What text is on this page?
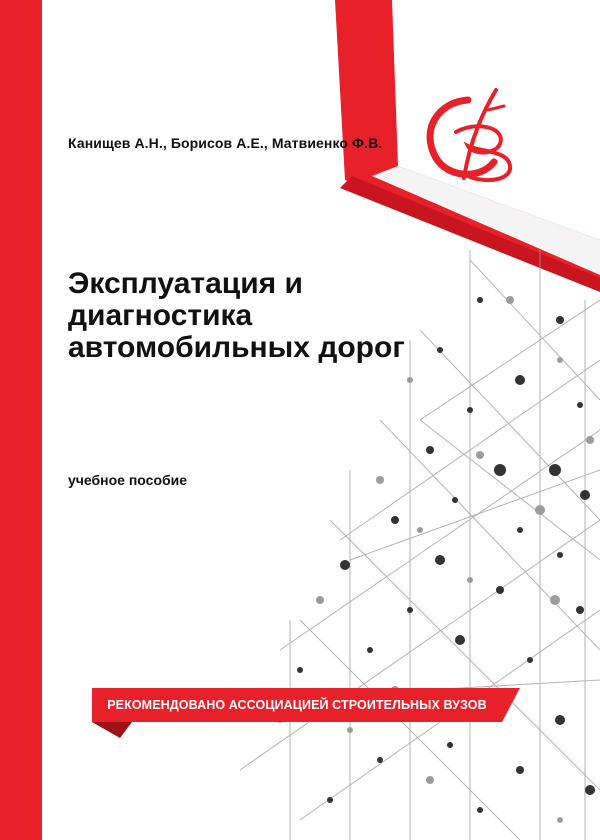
Канищев А.Н., Борисов А.Е., Матвиенко Ф.В.
Эксплуатация и
диагностика
автомобильных дорог
учебное пособие
РЕКОМЕНДОВАНО АССОЦИАЦИЕЙ СТРОИТЕЛЬНЫХ ВУЗОВ
